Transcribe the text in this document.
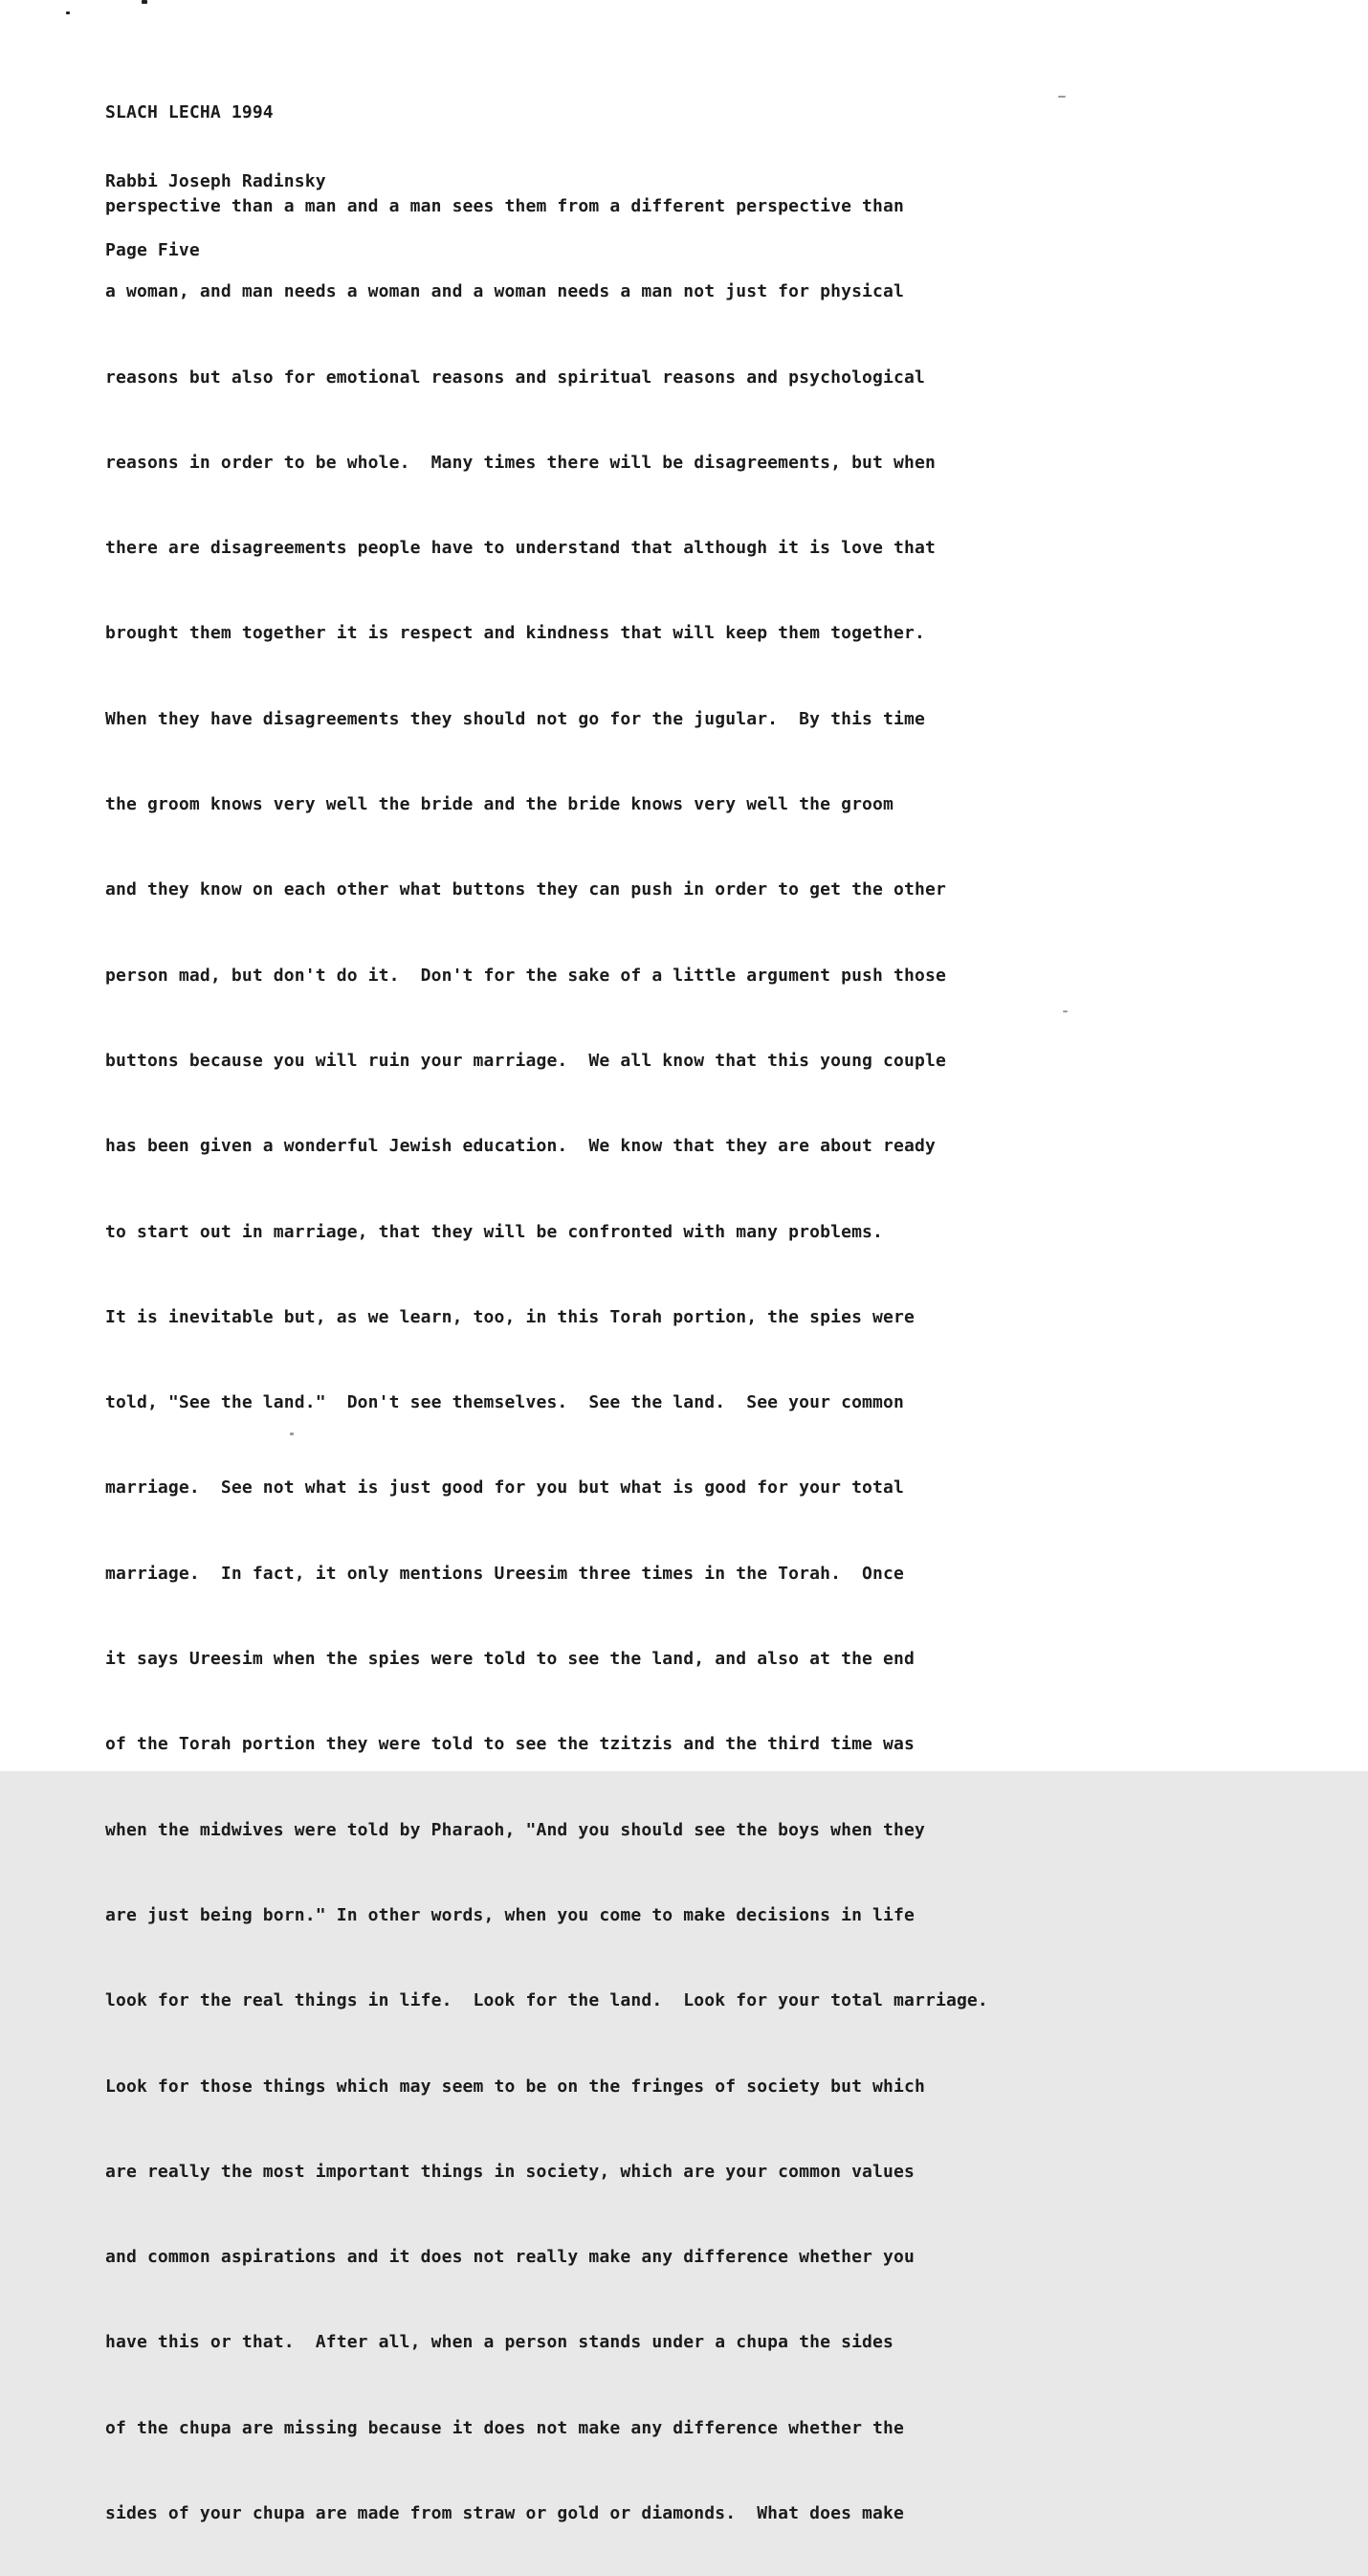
SLACH LECHA 1994

Rabbi Joseph Radinsky

Page Five

perspective than a man and a man sees them from a different perspective than

a woman, and man needs a woman and a woman needs a man not just for physical

reasons but also for emotional reasons and spiritual reasons and psychological

reasons in order to be whole.  Many times there will be disagreements, but when

there are disagreements people have to understand that although it is love that

brought them together it is respect and kindness that will keep them together.

When they have disagreements they should not go for the jugular.  By this time

the groom knows very well the bride and the bride knows very well the groom

and they know on each other what buttons they can push in order to get the other

person mad, but don't do it.  Don't for the sake of a little argument push those

buttons because you will ruin your marriage.  We all know that this young couple

has been given a wonderful Jewish education.  We know that they are about ready

to start out in marriage, that they will be confronted with many problems.

It is inevitable but, as we learn, too, in this Torah portion, the spies were

told, "See the land."  Don't see themselves.  See the land.  See your common

marriage.  See not what is just good for you but what is good for your total

marriage.  In fact, it only mentions Ureesim three times in the Torah.  Once

it says Ureesim when the spies were told to see the land, and also at the end

of the Torah portion they were told to see the tzitzis and the third time was

when the midwives were told by Pharaoh, "And you should see the boys when they

are just being born." In other words, when you come to make decisions in life

look for the real things in life.  Look for the land.  Look for your total marriage.

Look for those things which may seem to be on the fringes of society but which

are really the most important things in society, which are your common values

and common aspirations and it does not really make any difference whether you

have this or that.  After all, when a person stands under a chupa the sides

of the chupa are missing because it does not make any difference whether the

sides of your chupa are made from straw or gold or diamonds.  What does make
